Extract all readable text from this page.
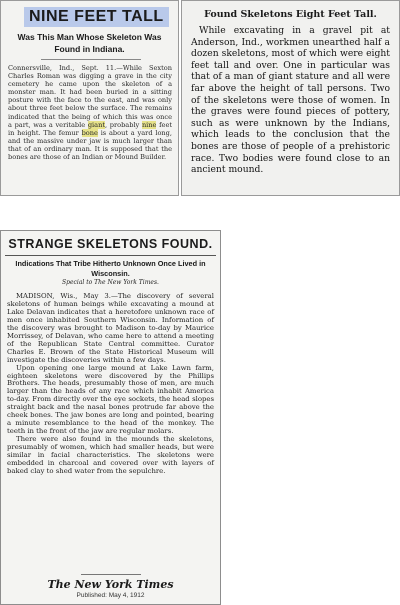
NINE FEET TALL
Was This Man Whose Skeleton Was Found in Indiana.
Connersville, Ind., Sept. 11.—While Sexton Charles Roman was digging a grave in the city cemetery he came upon the skeleton of a monster man. It had been buried in a sitting posture with the face to the east, and was only about three feet below the surface. The remains indicated that the being of which this was once a part, was a veritable giant, probably nine feet in height. The femur bone is about a yard long, and the massive under jaw is much larger than that of an ordinary man. It is supposed that the bones are those of an Indian or Mound Builder.
Found Skeletons Eight Feet Tall.
While excavating in a gravel pit at Anderson, Ind., workmen unearthed half a dozen skeletons, most of which were eight feet tall and over. One in particular was that of a man of giant stature and all were far above the height of tall persons. Two of the skeletons were those of women. In the graves were found pieces of pottery, such as were unknown by the Indians, which leads to the conclusion that the bones are those of people of a prehistoric race. Two bodies were found close to an ancient mound.
STRANGE SKELETONS FOUND.
Indications That Tribe Hitherto Unknown Once Lived in Wisconsin.
Special to The New York Times.

MADISON, Wis., May 3.—The discovery of several skeletons of human beings while excavating a mound at Lake Delavan indicates that a heretofore unknown race of men once inhabited Southern Wisconsin. Information of the discovery was brought to Madison to-day by Maurice Morrissey, of Delavan, who came here to attend a meeting of the Republican State Central committee. Curator Charles E. Brown of the State Historical Museum will investigate the discoveries within a few days.

Upon opening one large mound at Lake Lawn farm, eighteen skeletons were discovered by the Phillips Brothers. The heads, presumably those of men, are much larger than the heads of any race which inhabit America to-day. From directly over the eye sockets, the head slopes straight back and the nasal bones protrude far above the cheek bones. The jaw bones are long and pointed, bearing a minute resemblance to the head of the monkey. The teeth in the front of the jaw are regular molars.

There were also found in the mounds the skeletons, presumably of women, which had smaller heads, but were similar in facial characteristics. The skeletons were embedded in charcoal and covered over with layers of baked clay to shed water from the sepulchre.

The New York Times
Published: May 4, 1912
